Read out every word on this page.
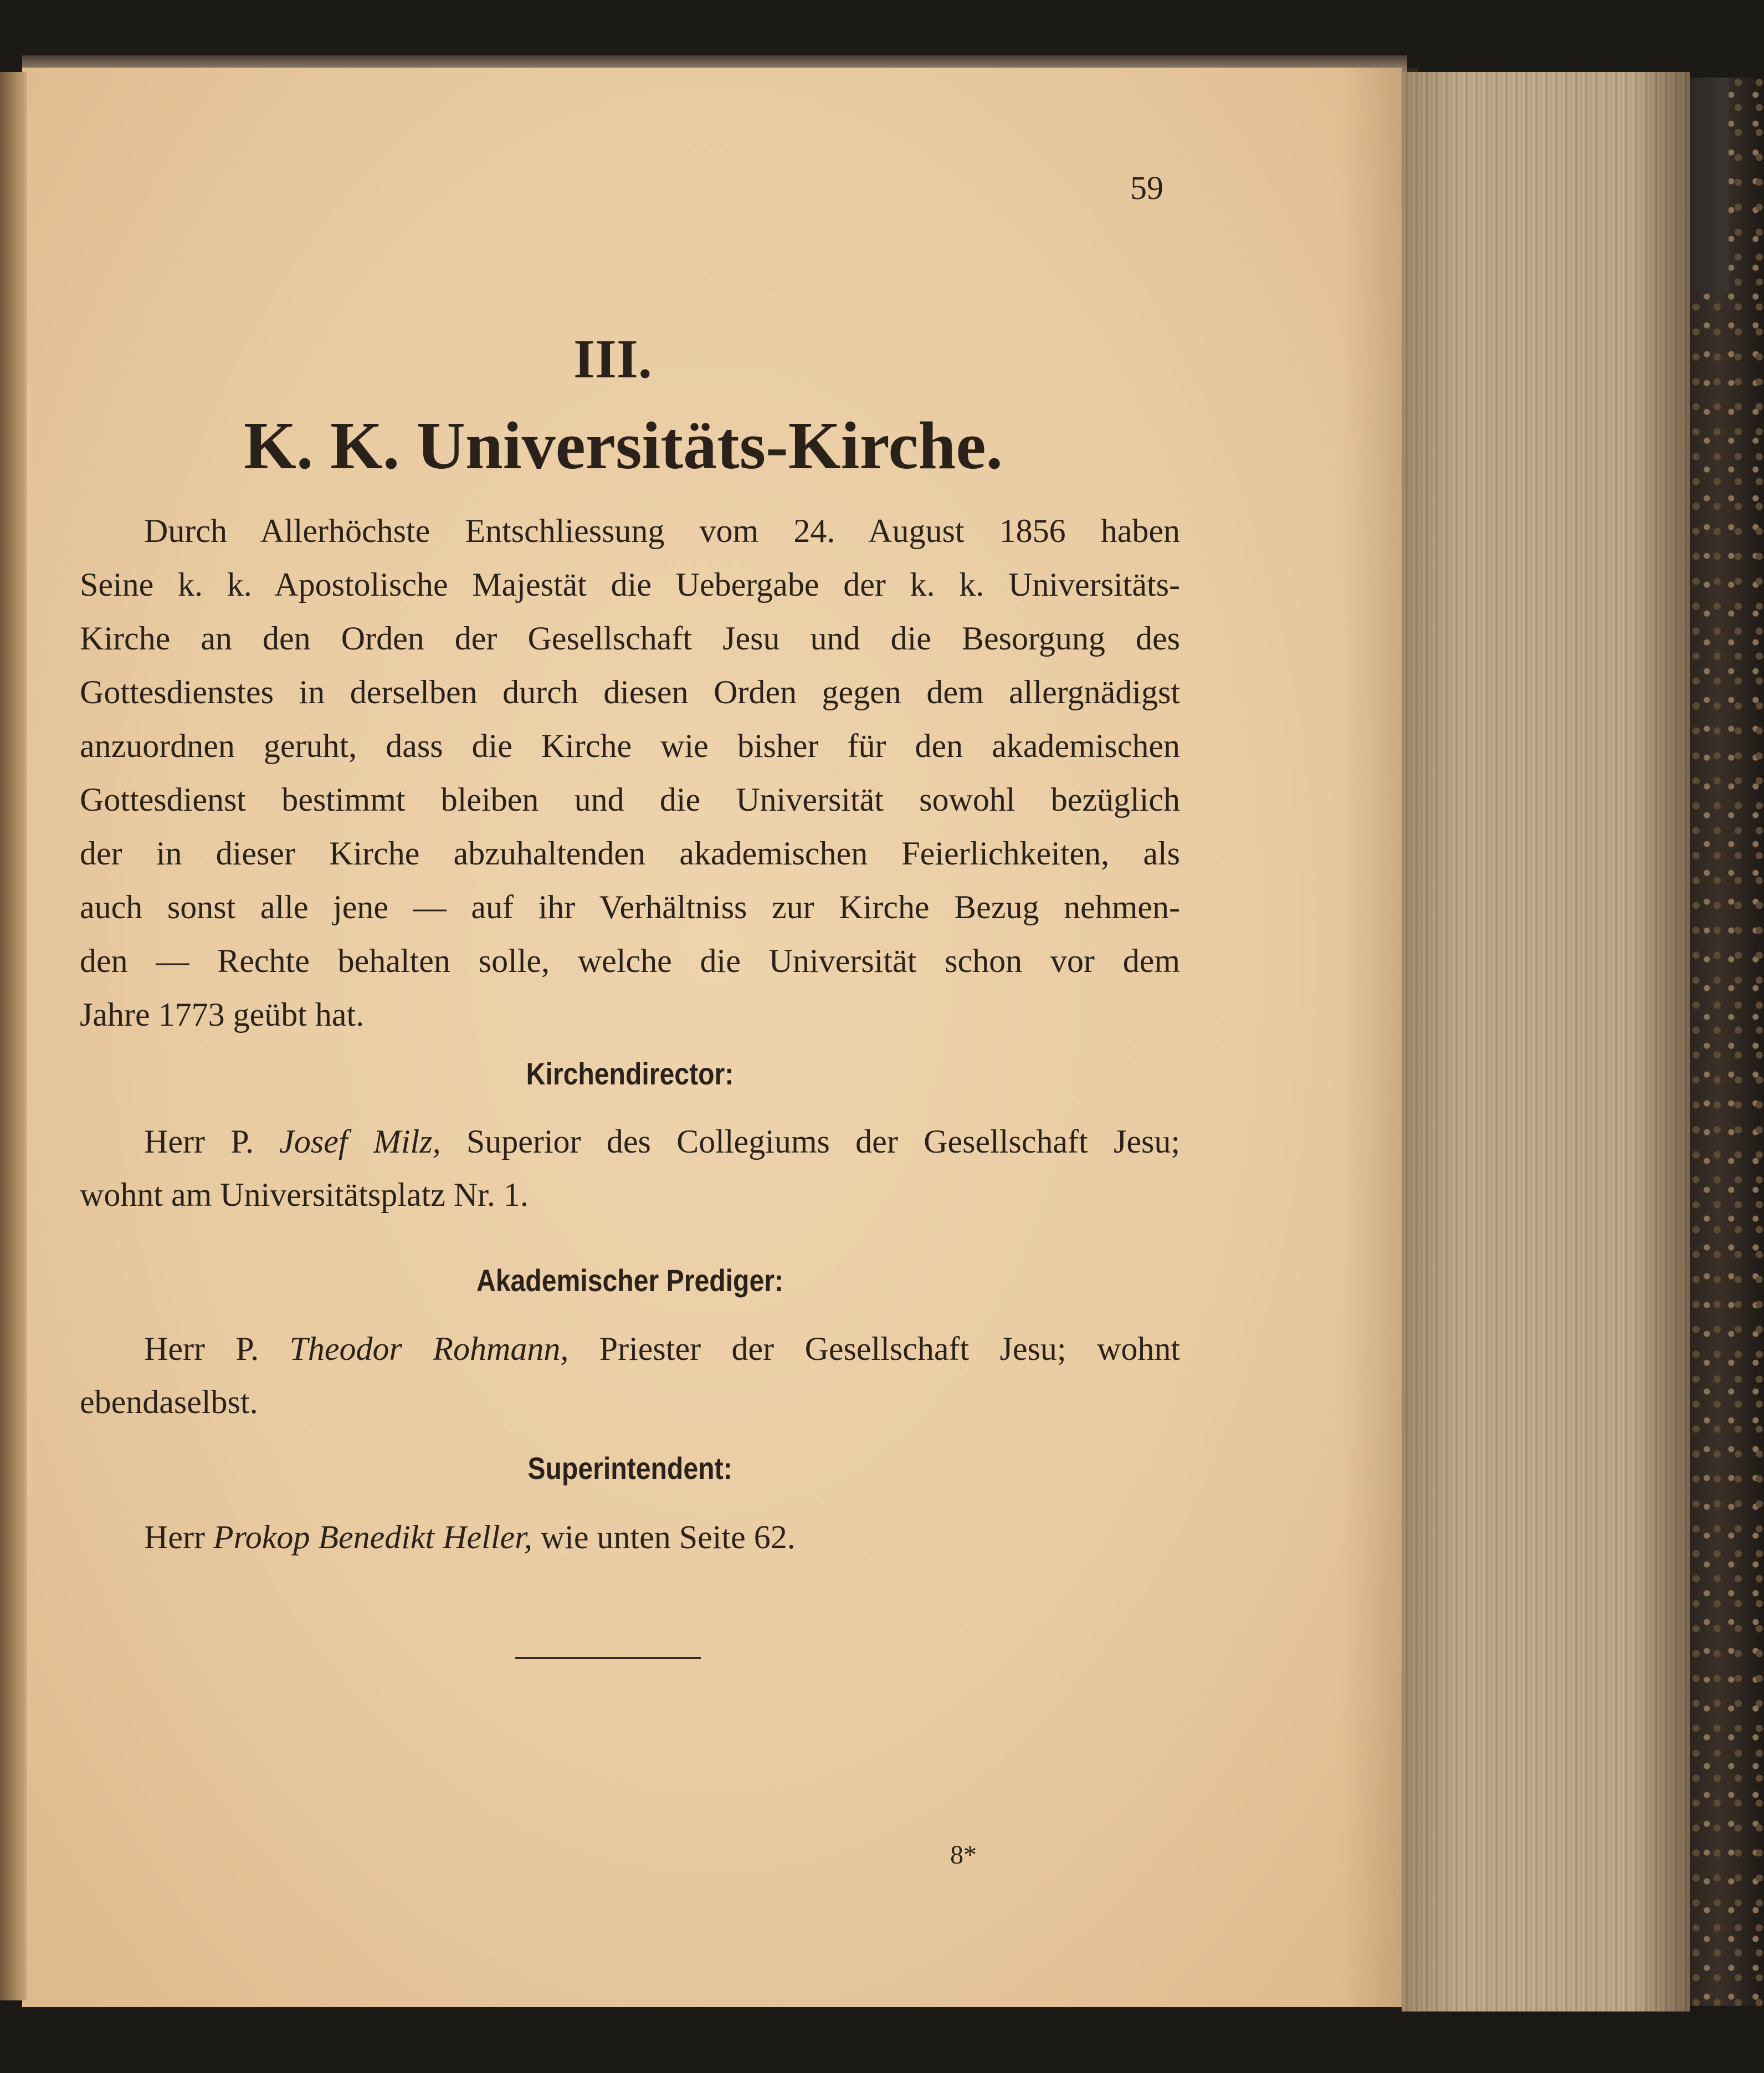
59
III.
K. K. Universitäts-Kirche.
Durch Allerhöchste Entschliessung vom 24. August 1856 haben
Seine k. k. Apostolische Majestät die Uebergabe der k. k. Universitäts-
Kirche an den Orden der Gesellschaft Jesu und die Besorgung des
Gottesdienstes in derselben durch diesen Orden gegen dem allergnädigst
anzuordnen geruht, dass die Kirche wie bisher für den akademischen
Gottesdienst bestimmt bleiben und die Universität sowohl bezüglich
der in dieser Kirche abzuhaltenden akademischen Feierlichkeiten, als
auch sonst alle jene — auf ihr Verhältniss zur Kirche Bezug nehmen-
den — Rechte behalten solle, welche die Universität schon vor dem
Jahre 1773 geübt hat.
Kirchendirector:
Herr P. Josef Milz, Superior des Collegiums der Gesellschaft Jesu;
wohnt am Universitätsplatz Nr. 1.
Akademischer Prediger:
Herr P. Theodor Rohmann, Priester der Gesellschaft Jesu; wohnt
ebendaselbst.
Superintendent:
Herr Prokop Benedikt Heller, wie unten Seite 62.
8*
